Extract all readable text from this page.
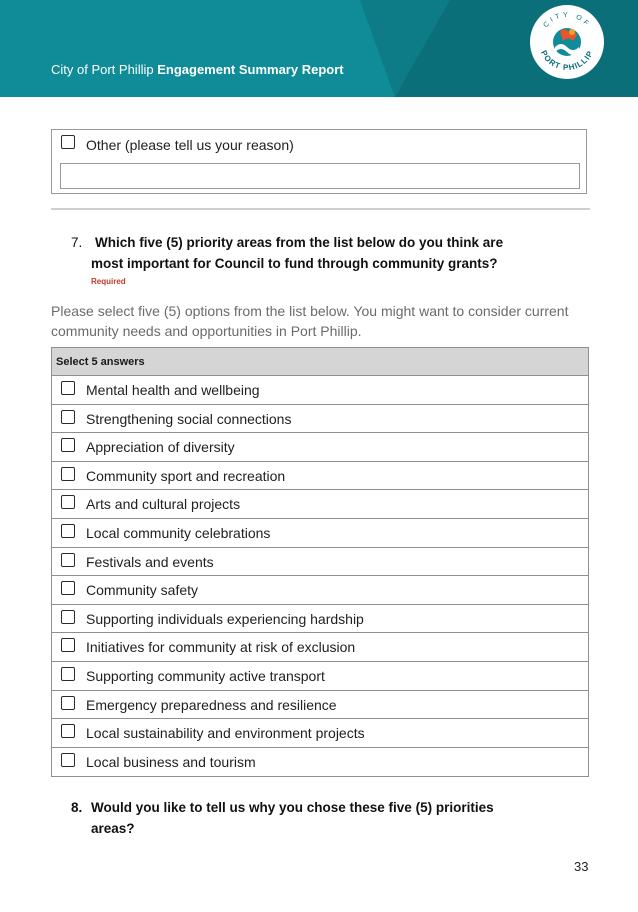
City of Port Phillip Engagement Summary Report
CITY OF
PORT PHILLIP
Other (please tell us your reason)
7. Which five (5) priority areas from the list below do you think are
most important for Council to fund through community grants?
Required
Please select five (5) options from the list below. You might want to consider current community needs and opportunities in Port Phillip.
Select 5 answers
Mental health and wellbeing
Strengthening social connections
Appreciation of diversity
Community sport and recreation
Arts and cultural projects
Local community celebrations
Festivals and events
Community safety
Supporting individuals experiencing hardship
Initiatives for community at risk of exclusion
Supporting community active transport
Emergency preparedness and resilience
Local sustainability and environment projects
Local business and tourism
8. Would you like to tell us why you chose these five (5) priorities
areas?
33
